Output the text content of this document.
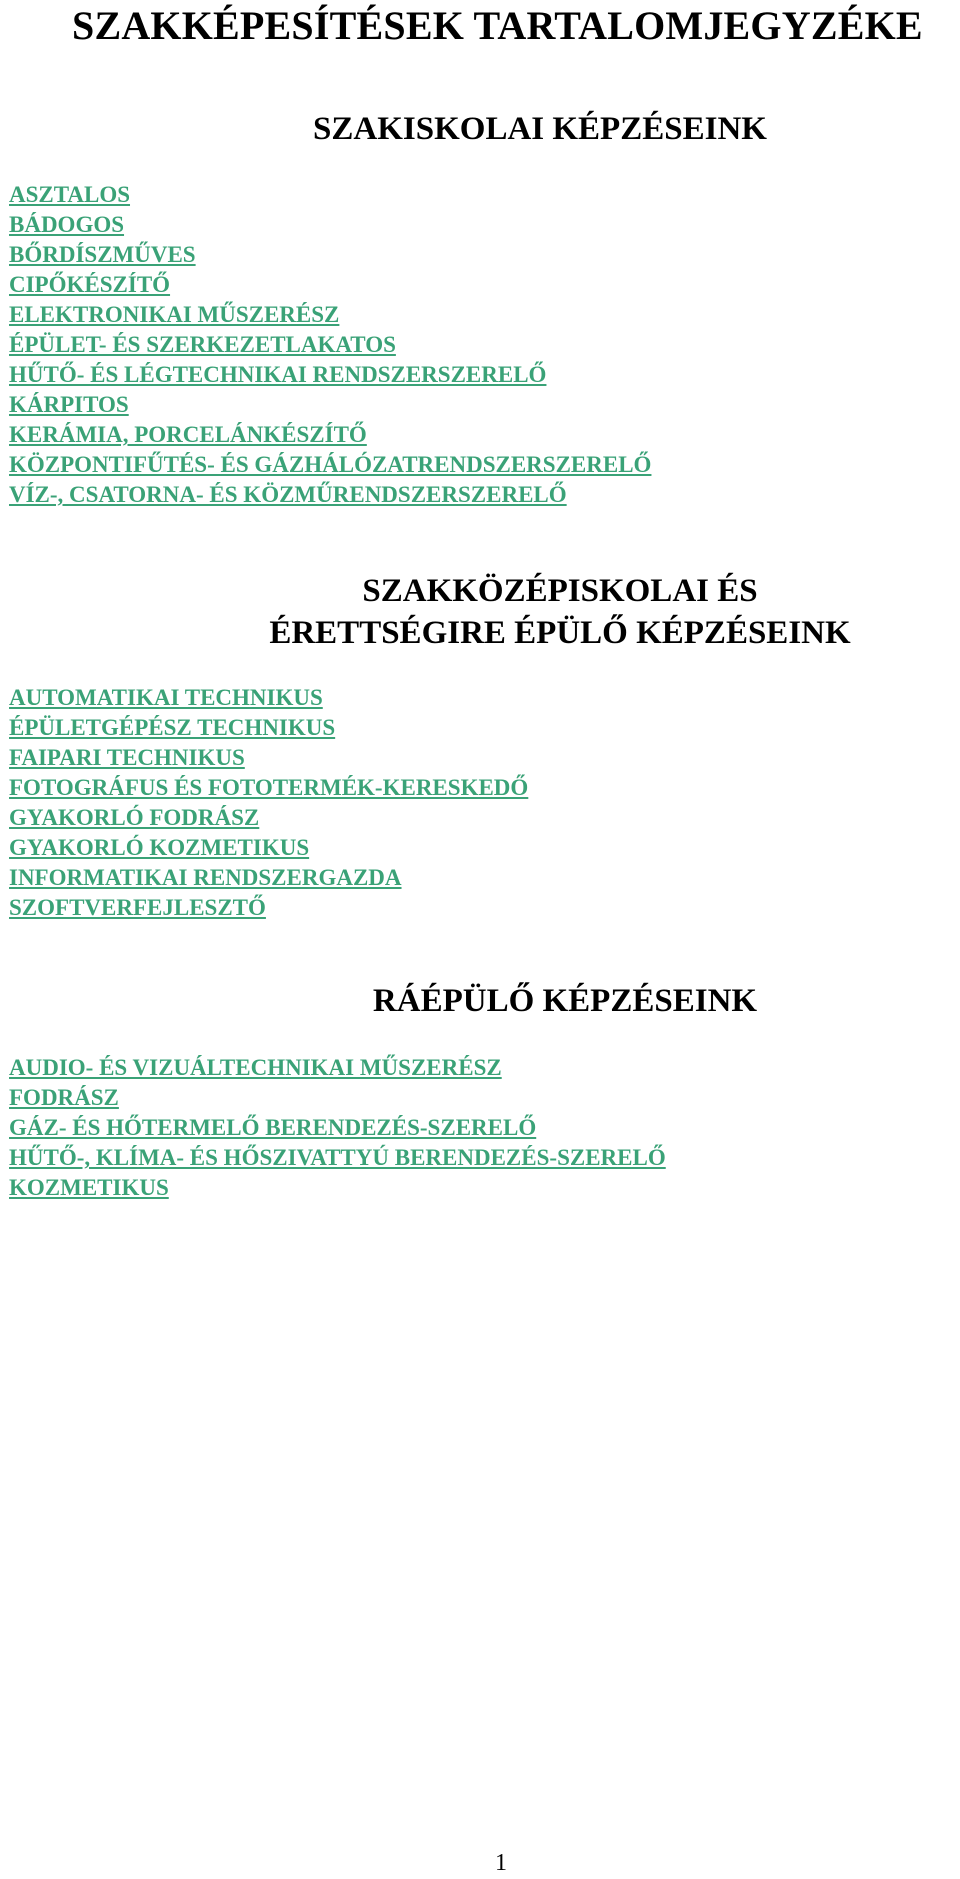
SZAKKÉPESÍTÉSEK TARTALOMJEGYZÉKE
SZAKISKOLAI KÉPZÉSEINK
ASZTALOS
BÁDOGOS
BŐRDÍSZMŰVES
CIPŐKÉSZÍTŐ
ELEKTRONIKAI MŰSZERÉSZ
ÉPÜLET- ÉS SZERKEZETLAKATOS
HŰTŐ- ÉS LÉGTECHNIKAI RENDSZERSZERELŐ
KÁRPITOS
KERÁMIA, PORCELÁNKÉSZÍTŐ
KÖZPONTIFŰTÉS- ÉS GÁZHÁLÓZATRENDSZERSZERELŐ
VÍZ-, CSATORNA- ÉS KÖZMŰRENDSZERSZERELŐ
SZAKKÖZÉPISKOLAI ÉS
ÉRETTSÉGIRE ÉPÜLŐ KÉPZÉSEINK
AUTOMATIKAI TECHNIKUS
ÉPÜLETGÉPÉSZ TECHNIKUS
FAIPARI TECHNIKUS
FOTOGRÁFUS ÉS FOTOTERMÉK-KERESKEDŐ
GYAKORLÓ FODRÁSZ
GYAKORLÓ KOZMETIKUS
INFORMATIKAI RENDSZERGAZDA
SZOFTVERFEJLESZTŐ
RÁÉPÜLŐ KÉPZÉSEINK
AUDIO- ÉS VIZUÁLTECHNIKAI MŰSZERÉSZ
FODRÁSZ
GÁZ- ÉS HŐTERMELŐ BERENDEZÉS-SZERELŐ
HŰTŐ-, KLÍMA- ÉS HŐSZIVATTYÚ BERENDEZÉS-SZERELŐ
KOZMETIKUS

1
